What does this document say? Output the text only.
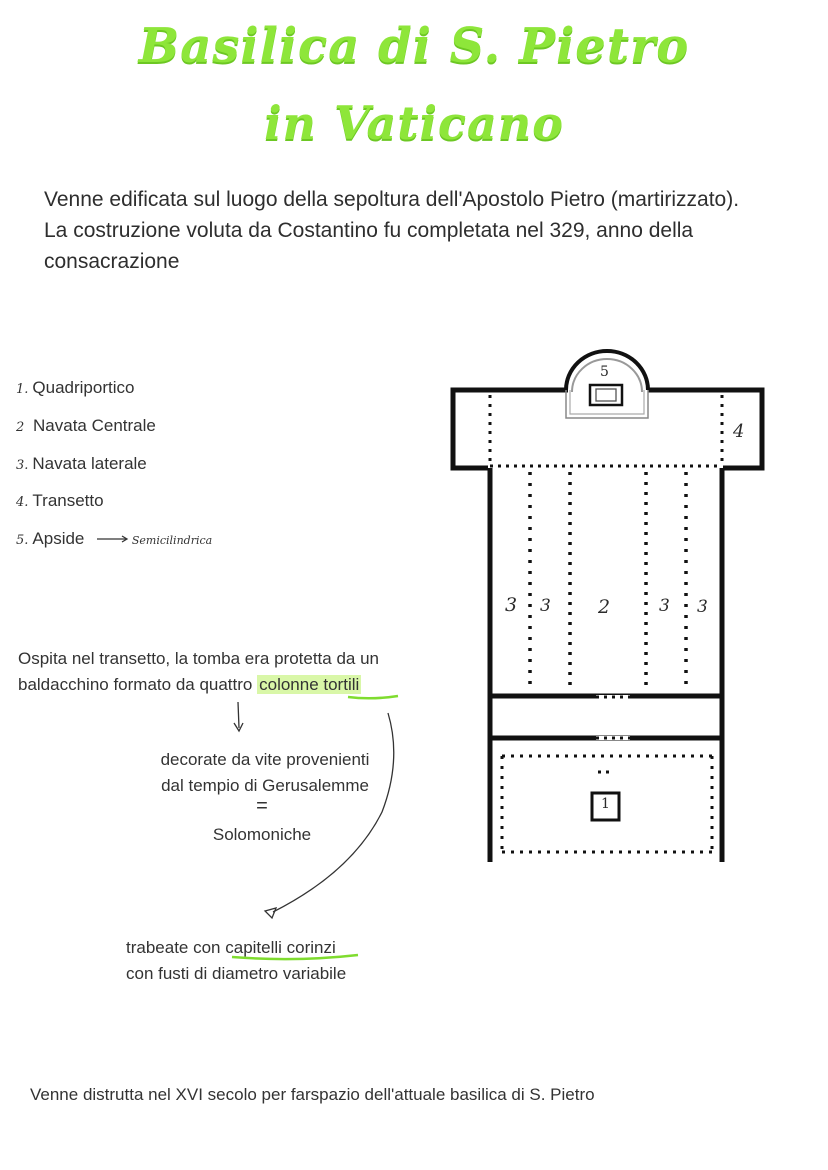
Basilica di S. Pietro
in Vaticano

Venne edificata sul luogo della sepoltura dell'Apostolo Pietro (martirizzato).

La costruzione voluta da Costantino fu completata nel 329, anno della consacrazione

1. Quadriportico
2 Navata Centrale
3. Navata laterale
4. Transetto
5. Apside	Semicilindrica
Ospita nel transetto, la tomba era protetta da un
baldacchino formato da quattro colonne tortili
decorate da vite provenienti
dal tempio di Gerusalemme
=
Solomoniche
trabeate con capitelli corinzi
con fusti di diametro variabile
Venne distrutta nel XVI secolo per farspazio dell'attuale basilica di S. Pietro
5
4
3 3 2	3 3
1
